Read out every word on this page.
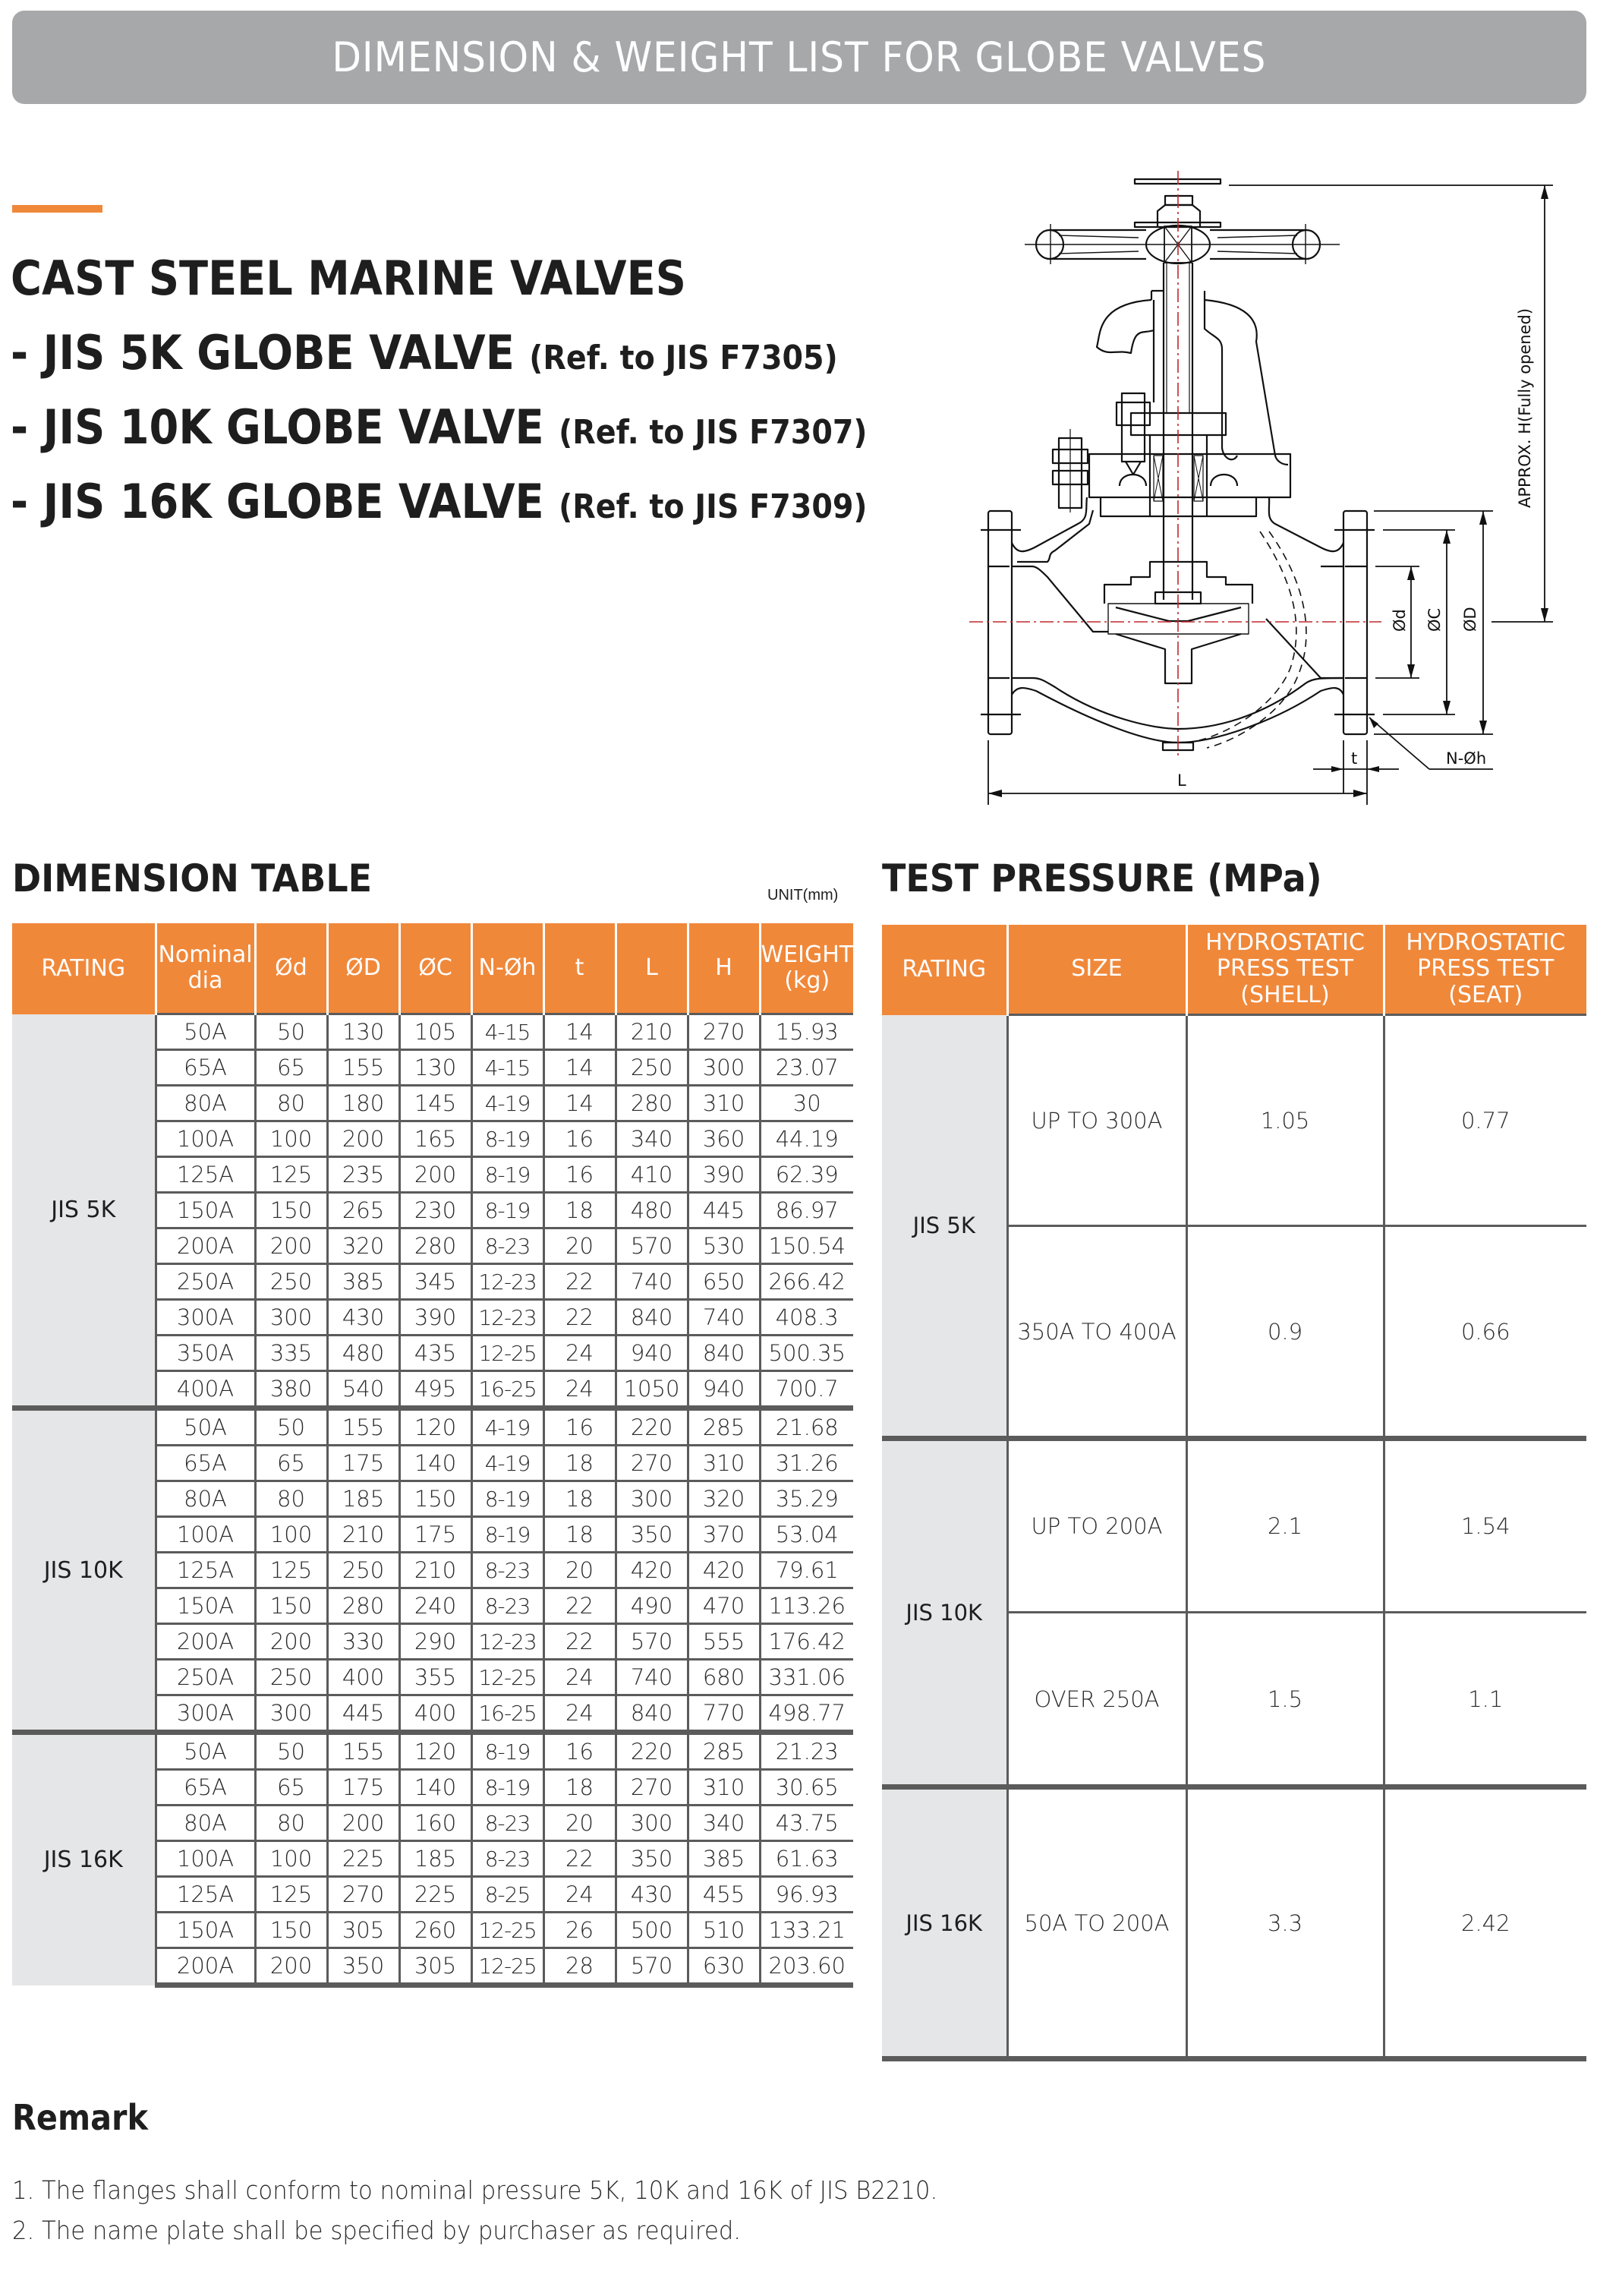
DIMENSION & WEIGHT LIST FOR GLOBE VALVES
CAST STEEL MARINE VALVES
- JIS 5K GLOBE VALVE (Ref. to JIS F7305)
- JIS 10K GLOBE VALVE (Ref. to JIS F7307)
- JIS 16K GLOBE VALVE (Ref. to JIS F7309)	APPROX. H(Fully opened)
Ød ØC ØD
t	N-Øh
L
DIMENSION TABLE	UNIT(mm)
RATING	Nominal dia	Ød	ØD	ØC	N-Øh	t	L	H	WEIGHT (kg)
JIS 5K	50A	50	130	105	4-15	14	210	270	15.93
	65A	65	155	130	4-15	14	250	300	23.07
	80A	80	180	145	4-19	14	280	310	30
	100A	100	200	165	8-19	16	340	360	44.19
	125A	125	235	200	8-19	16	410	390	62.39
	150A	150	265	230	8-19	18	480	445	86.97
	200A	200	320	280	8-23	20	570	530	150.54
	250A	250	385	345	12-23	22	740	650	266.42
	300A	300	430	390	12-23	22	840	740	408.3
	350A	335	480	435	12-25	24	940	840	500.35
	400A	380	540	495	16-25	24	1050	940	700.7
JIS 10K	50A	50	155	120	4-19	16	220	285	21.68
	65A	65	175	140	4-19	18	270	310	31.26
	80A	80	185	150	8-19	18	300	320	35.29
	100A	100	210	175	8-19	18	350	370	53.04
	125A	125	250	210	8-23	20	420	420	79.61
	150A	150	280	240	8-23	22	490	470	113.26
	200A	200	330	290	12-23	22	570	555	176.42
	250A	250	400	355	12-25	24	740	680	331.06
	300A	300	445	400	16-25	24	840	770	498.77
JIS 16K	50A	50	155	120	8-19	16	220	285	21.23
	65A	65	175	140	8-19	18	270	310	30.65
	80A	80	200	160	8-23	20	300	340	43.75
	100A	100	225	185	8-23	22	350	385	61.63
	125A	125	270	225	8-25	24	430	455	96.93
	150A	150	305	260	12-25	26	500	510	133.21
	200A	200	350	305	12-25	28	570	630	203.60
TEST PRESSURE (MPa)
RATING	SIZE	HYDROSTATIC PRESS TEST (SHELL)	HYDROSTATIC PRESS TEST (SEAT)
JIS 5K	UP TO 300A	1.05	0.77
	350A TO 400A	0.9	0.66
JIS 10K	UP TO 200A	2.1	1.54
	OVER 250A	1.5	1.1
JIS 16K	50A TO 200A	3.3	2.42
Remark
1. The flanges shall conform to nominal pressure 5K, 10K and 16K of JIS B2210.
2. The name plate shall be specified by purchaser as required.
